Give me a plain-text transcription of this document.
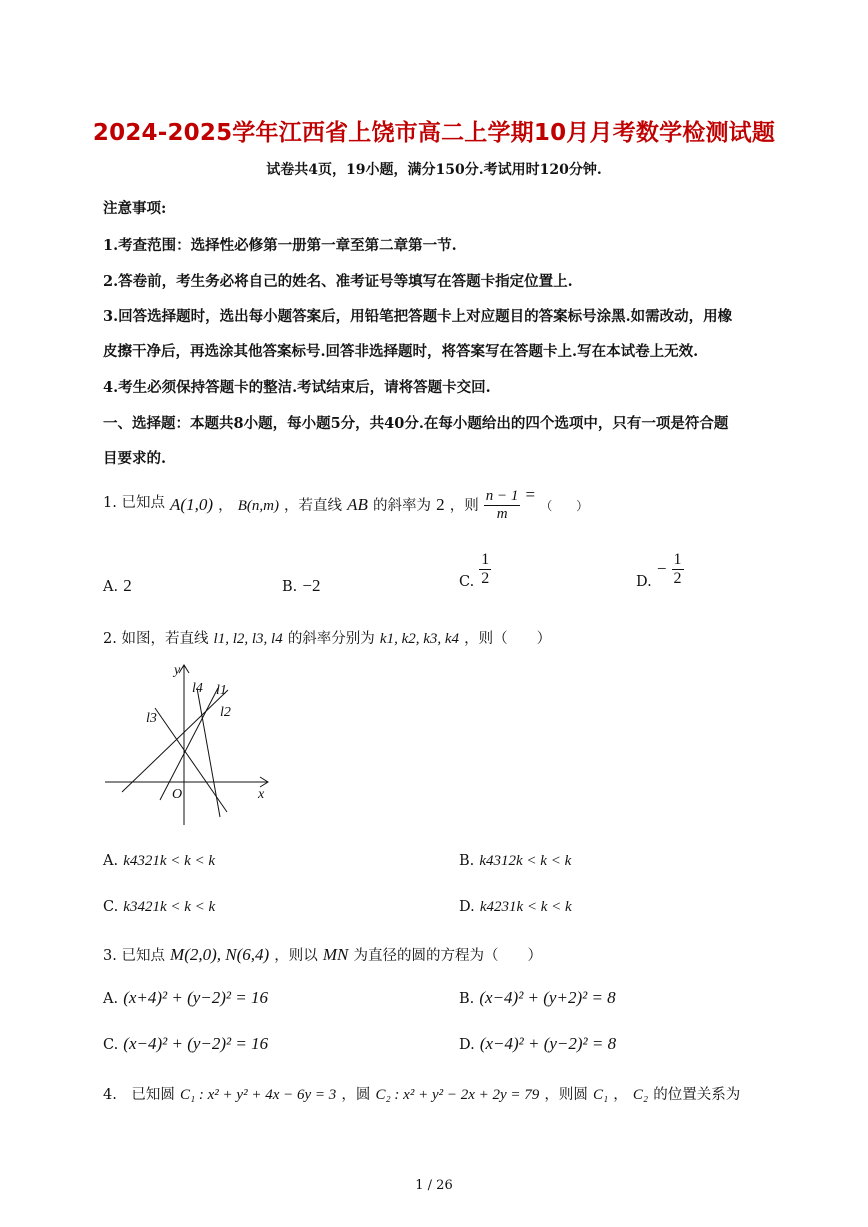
2024-2025学年江西省上饶市高二上学期10月月考数学检测试题
试卷共4页，19小题，满分150分.考试用时120分钟.
注意事项:
1.考查范围：选择性必修第一册第一章至第二章第一节.
2.答卷前，考生务必将自己的姓名、准考证号等填写在答题卡指定位置上.
3.回答选择题时，选出每小题答案后，用铅笔把答题卡上对应题目的答案标号涂黑.如需改动，用橡
皮擦干净后，再选涂其他答案标号.回答非选择题时，将答案写在答题卡上.写在本试卷上无效.
4.考生必须保持答题卡的整洁.考试结束后，请将答题卡交回.
一、选择题：本题共8小题，每小题5分，共40分.在每小题给出的四个选项中，只有一项是符合题
目要求的.
1. 已知点 A(1,0) ， B(n,m) ，若直线 AB 的斜率为 2 ，则 $\frac{n - 1}{m}$ = （　　）
A. 2	B. −2	C. $\frac{1}{2}$	D. − $\frac{1}{2}$
2. 如图，若直线 l1, l2, l3, l4 的斜率分别为 k1, k2, k3, k4 ，则（　　）
y
x
O
l4 l1
l2
l3
A. k4321k < k < k	B. k4312k < k < k
C. k3421k < k < k	D. k4231k < k < k
3. 已知点 M(2,0), N(6,4) ，则以 MN 为直径的圆的方程为（　　）
A. (x+4)² + (y−2)² = 16	B. (x−4)² + (y+2)² = 8
C. (x−4)² + (y−2)² = 16	D. (x−4)² + (y−2)² = 8
4.　已知圆 C₁ : x² + y² + 4x − 6y = 3 ，圆 C₂ : x² + y² − 2x + 2y = 79 ，则圆 C₁ ， C₂ 的位置关系为
1 / 26
